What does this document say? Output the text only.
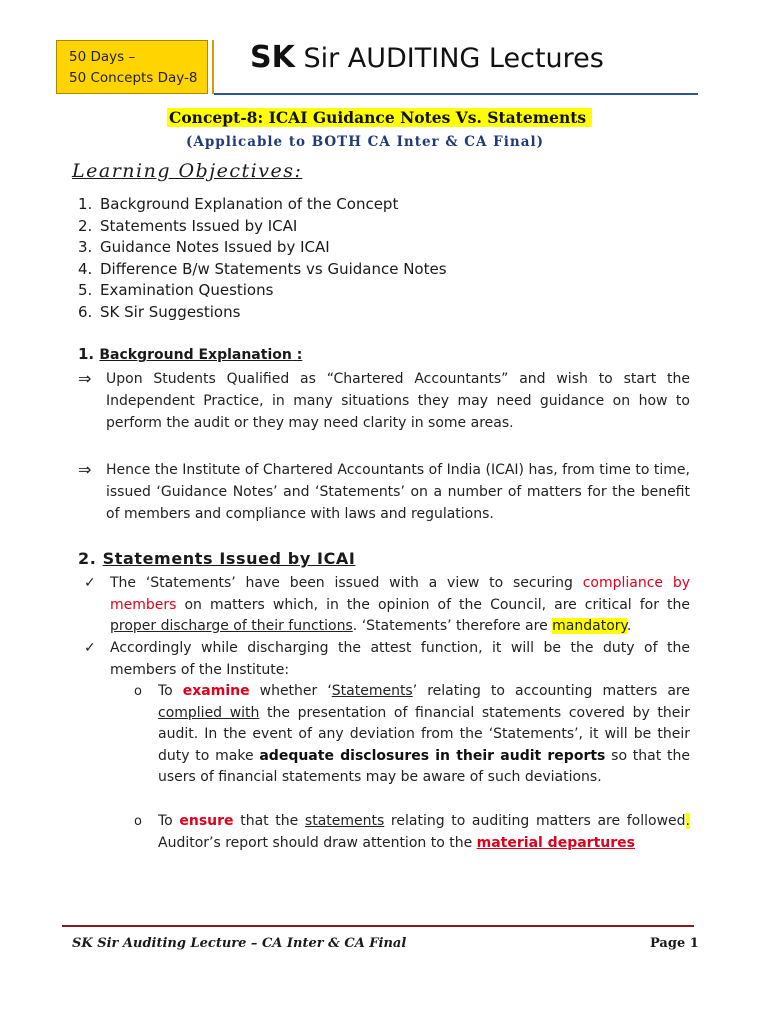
50 Days –
50 Concepts Day-8
SK Sir AUDITING Lectures
Concept-8: ICAI Guidance Notes Vs. Statements
(Applicable to BOTH CA Inter & CA Final)
Learning Objectives:
1. Background Explanation of the Concept
2. Statements Issued by ICAI
3. Guidance Notes Issued by ICAI
4. Difference B/w Statements vs Guidance Notes
5. Examination Questions
6. SK Sir Suggestions
1. Background Explanation :
⇒	Upon Students Qualified as “Chartered Accountants” and wish to start the Independent Practice, in many situations they may need guidance on how to perform the audit or they may need clarity in some areas.
⇒	Hence the Institute of Chartered Accountants of India (ICAI) has, from time to time, issued ‘Guidance Notes’ and ‘Statements’ on a number of matters for the benefit of members and compliance with laws and regulations.
2. Statements Issued by ICAI
✓	The ‘Statements’ have been issued with a view to securing compliance by members on matters which, in the opinion of the Council, are critical for the proper discharge of their functions. ‘Statements’ therefore are mandatory.
✓	Accordingly while discharging the attest function, it will be the duty of the members of the Institute:
o	To examine whether ‘Statements’ relating to accounting matters are complied with the presentation of financial statements covered by their audit. In the event of any deviation from the ‘Statements’, it will be their duty to make adequate disclosures in their audit reports so that the users of financial statements may be aware of such deviations.
o	To ensure that the statements relating to auditing matters are followed. Auditor’s report should draw attention to the material departures
SK Sir Auditing Lecture – CA Inter & CA Final	Page 1
